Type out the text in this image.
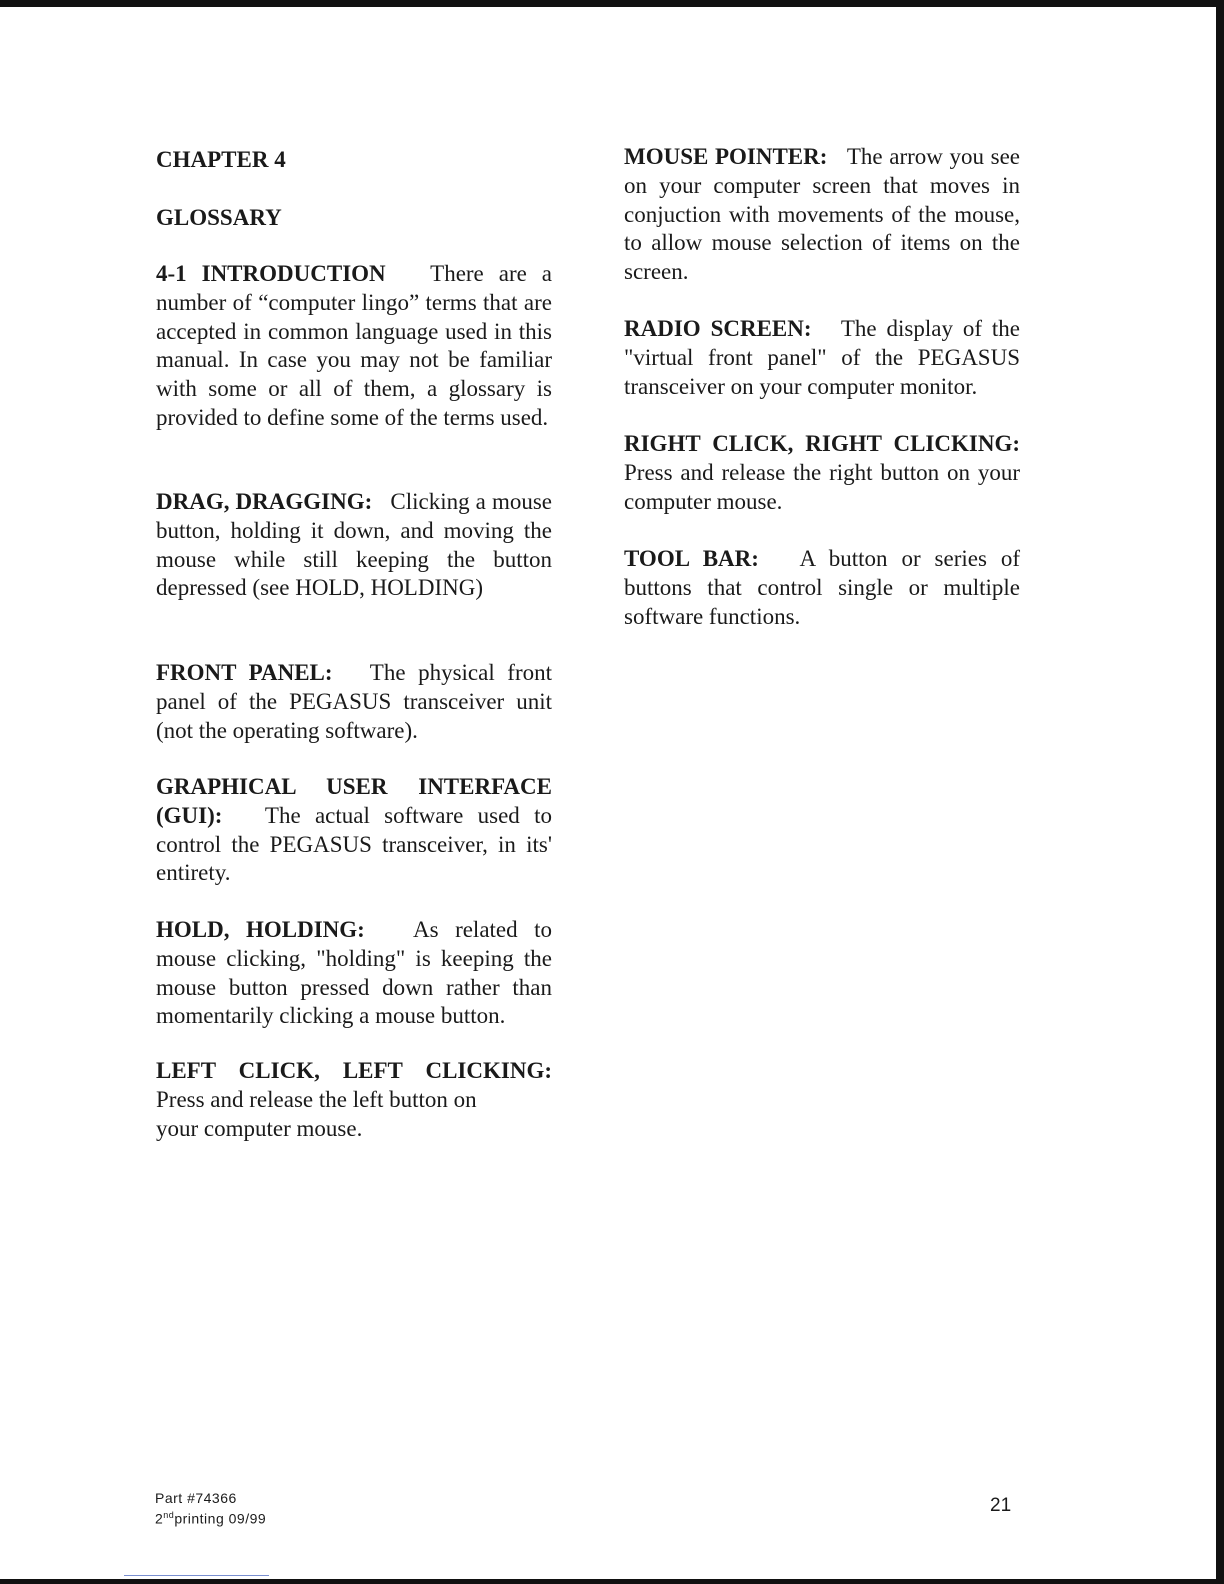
CHAPTER 4
GLOSSARY

4-1 INTRODUCTION There are a number of “computer lingo” terms that are accepted in common language used in this manual. In case you may not be familiar with some or all of them, a glossary is provided to define some of the terms used.

DRAG, DRAGGING: Clicking a mouse button, holding it down, and moving the mouse while still keeping the button depressed (see HOLD, HOLDING)

FRONT PANEL: The physical front panel of the PEGASUS transceiver unit (not the operating software).

GRAPHICAL USER INTERFACE (GUI): The actual software used to control the PEGASUS transceiver, in its' entirety.

HOLD, HOLDING: As related to mouse clicking, "holding" is keeping the mouse button pressed down rather than momentarily clicking a mouse button.

LEFT CLICK, LEFT CLICKING:
Press and release the left button on your computer mouse.

MOUSE POINTER: The arrow you see on your computer screen that moves in conjuction with movements of the mouse, to allow mouse selection of items on the screen.

RADIO SCREEN: The display of the "virtual front panel" of the PEGASUS transceiver on your computer monitor.

RIGHT CLICK, RIGHT CLICKING: Press and release the right button on your computer mouse.

TOOL BAR: A button or series of buttons that control single or multiple software functions.

Part #74366
2ndprinting 09/99
21
